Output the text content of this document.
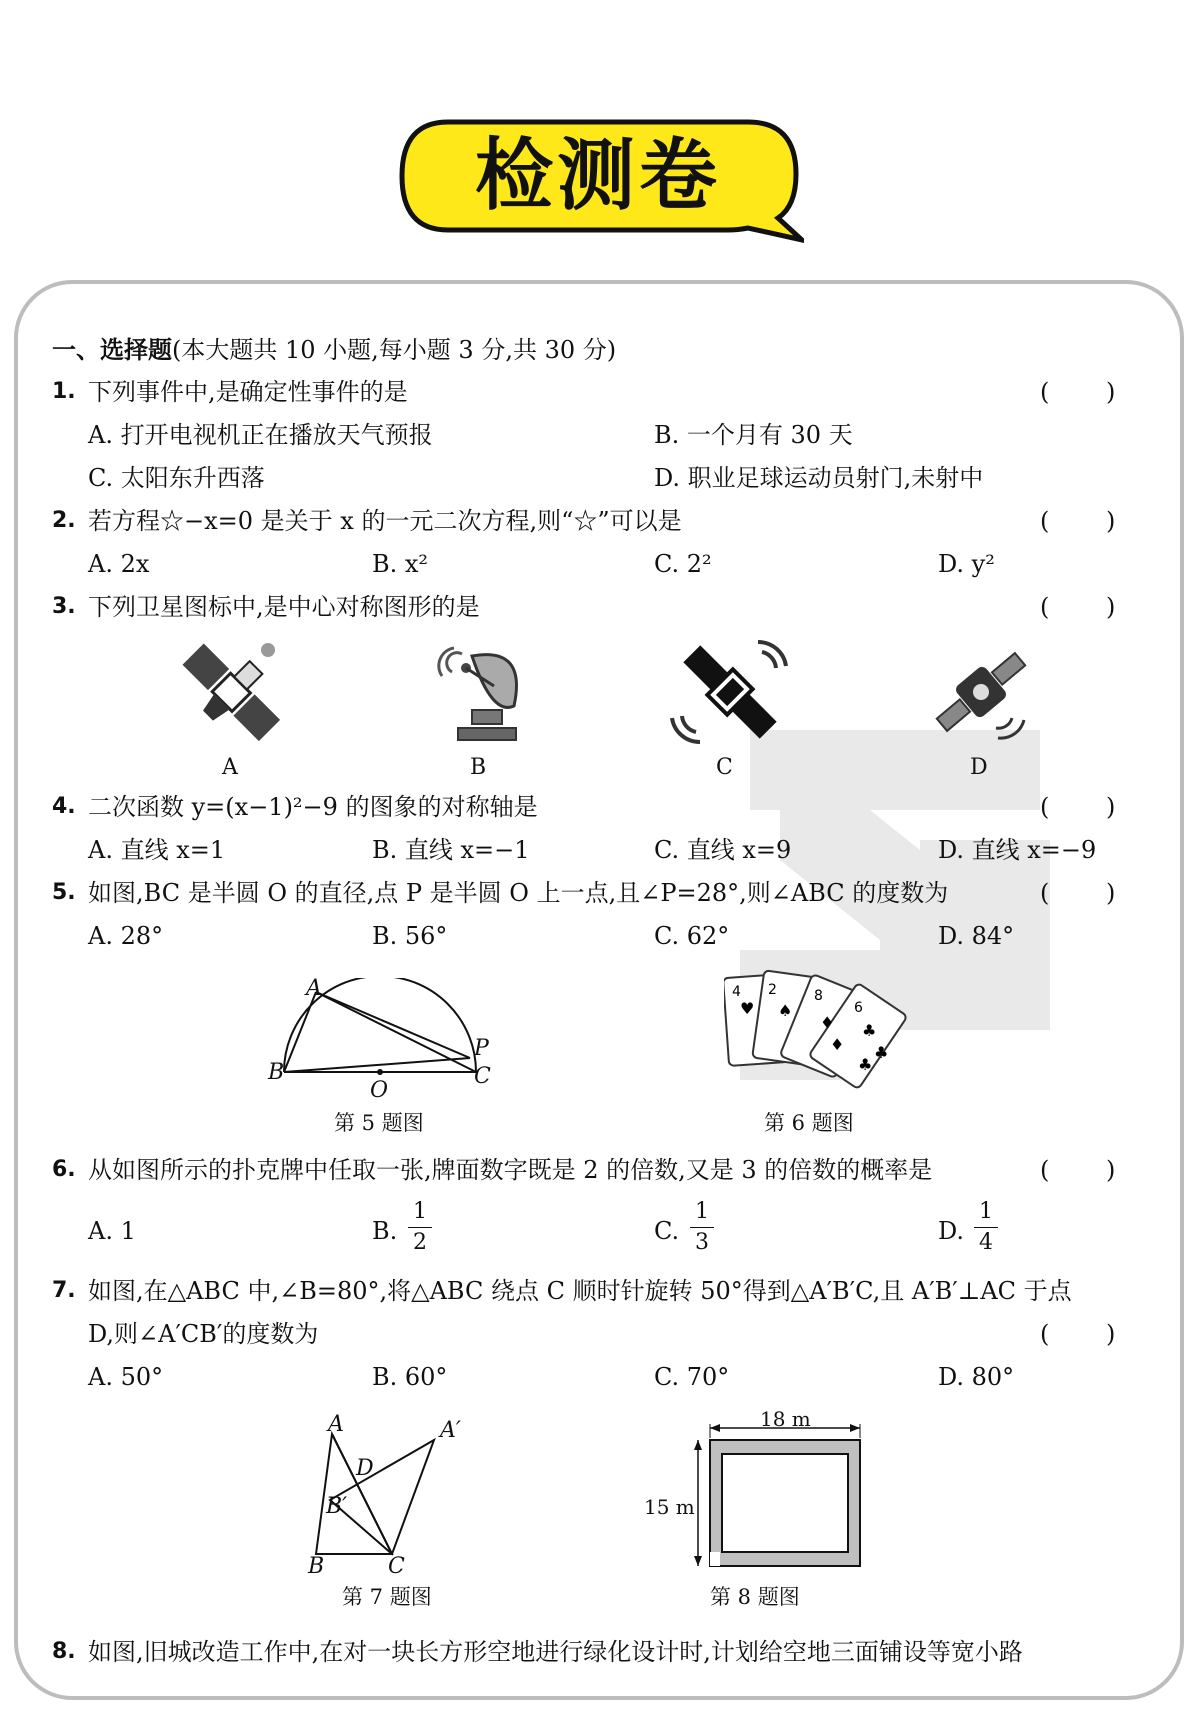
检测卷
一、选择题(本大题共 10 小题,每小题 3 分,共 30 分)
1. 下列事件中,是确定性事件的是	( )
A. 打开电视机正在播放天气预报	B. 一个月有 30 天
C. 太阳东升西落	D. 职业足球运动员射门,未射中
2. 若方程☆−x=0 是关于 x 的一元二次方程,则“☆”可以是	( )
A. 2x	B. x²	C. 2²	D. y²
3. 下列卫星图标中,是中心对称图形的是	( )
A	B	C	D
4. 二次函数 y=(x−1)²−9 的图象的对称轴是	( )
A. 直线 x=1	B. 直线 x=−1	C. 直线 x=9	D. 直线 x=−9
5. 如图,BC 是半圆 O 的直径,点 P 是半圆 O 上一点,且∠P=28°,则∠ABC 的度数为	( )
A. 28°	B. 56°	C. 62°	D. 84°
A
B
P
C
O
第 5 题图
4 2	8
6
♥ ♠
♦
♦
♣
♣
♣
第 6 题图
6. 从如图所示的扑克牌中任取一张,牌面数字既是 2 的倍数,又是 3 的倍数的概率是	( )
A. 1	B.
1
2	C.
1
3	D.
1
4
7. 如图,在△ABC 中,∠B=80°,将△ABC 绕点 C 顺时针旋转 50°得到△A′B′C,且 A′B′⊥AC 于点
D,则∠A′CB′的度数为	( )
A. 50°	B. 60°	C. 70°	D. 80°
A	A′
D
B′
B	C
第 7 题图
18 m
15 m
第 8 题图
8. 如图,旧城改造工作中,在对一块长方形空地进行绿化设计时,计划给空地三面铺设等宽小路
